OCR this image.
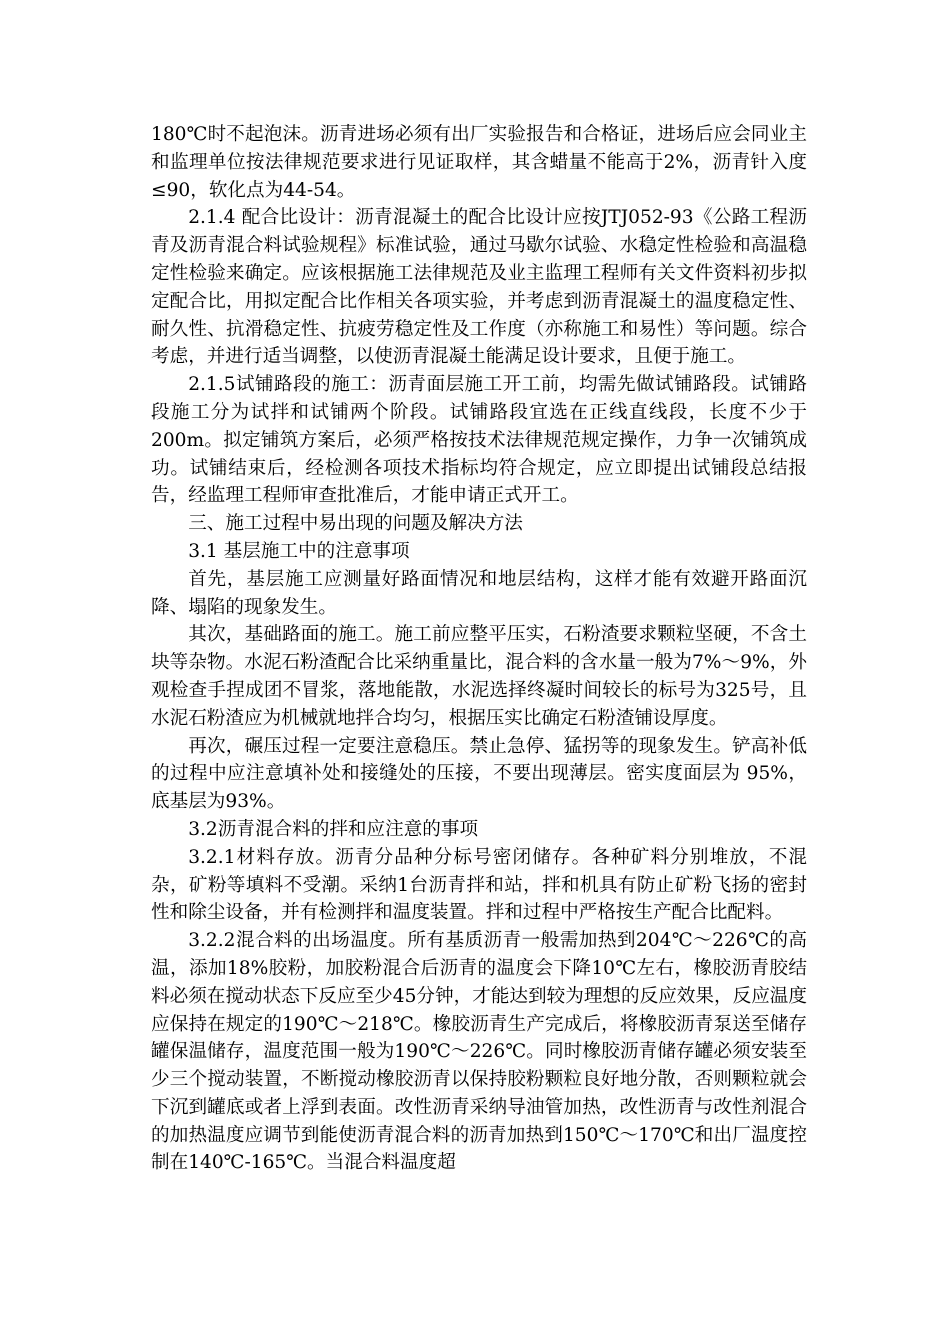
180℃时不起泡沫。沥青进场必须有出厂实验报告和合格证，进场后应会同业主和监理单位按法律规范要求进行见证取样，其含蜡量不能高于2%，沥青针入度≤90，软化点为44-54。

2.1.4 配合比设计：沥青混凝土的配合比设计应按JTJ052-93《公路工程沥青及沥青混合料试验规程》标准试验，通过马歇尔试验、水稳定性检验和高温稳定性检验来确定。应该根据施工法律规范及业主监理工程师有关文件资料初步拟定配合比，用拟定配合比作相关各项实验，并考虑到沥青混凝土的温度稳定性、耐久性、抗滑稳定性、抗疲劳稳定性及工作度（亦称施工和易性）等问题。综合考虑，并进行适当调整，以使沥青混凝土能满足设计要求，且便于施工。

2.1.5试铺路段的施工：沥青面层施工开工前，均需先做试铺路段。试铺路段施工分为试拌和试铺两个阶段。试铺路段宜选在正线直线段，长度不少于200m。拟定铺筑方案后，必须严格按技术法律规范规定操作，力争一次铺筑成功。试铺结束后，经检测各项技术指标均符合规定，应立即提出试铺段总结报告，经监理工程师审查批准后，才能申请正式开工。

三、施工过程中易出现的问题及解决方法

3.1 基层施工中的注意事项

首先，基层施工应测量好路面情况和地层结构，这样才能有效避开路面沉降、塌陷的现象发生。

其次，基础路面的施工。施工前应整平压实，石粉渣要求颗粒坚硬，不含土块等杂物。水泥石粉渣配合比采纳重量比，混合料的含水量一般为7%～9%，外观检查手捏成团不冒浆，落地能散，水泥选择终凝时间较长的标号为325号，且水泥石粉渣应为机械就地拌合均匀，根据压实比确定石粉渣铺设厚度。

再次，碾压过程一定要注意稳压。禁止急停、猛拐等的现象发生。铲高补低的过程中应注意填补处和接缝处的压接，不要出现薄层。密实度面层为 95%，底基层为93%。

3.2沥青混合料的拌和应注意的事项

3.2.1材料存放。沥青分品种分标号密闭储存。各种矿料分别堆放，不混杂，矿粉等填料不受潮。采纳1台沥青拌和站，拌和机具有防止矿粉飞扬的密封性和除尘设备，并有检测拌和温度装置。拌和过程中严格按生产配合比配料。

3.2.2混合料的出场温度。所有基质沥青一般需加热到204℃～226℃的高温，添加18%胶粉，加胶粉混合后沥青的温度会下降10℃左右，橡胶沥青胶结料必须在搅动状态下反应至少45分钟，才能达到较为理想的反应效果，反应温度应保持在规定的190℃～218℃。橡胶沥青生产完成后，将橡胶沥青泵送至储存罐保温储存，温度范围一般为190℃～226℃。同时橡胶沥青储存罐必须安装至少三个搅动装置，不断搅动橡胶沥青以保持胶粉颗粒良好地分散，否则颗粒就会下沉到罐底或者上浮到表面。改性沥青采纳导油管加热，改性沥青与改性剂混合的加热温度应调节到能使沥青混合料的沥青加热到150℃～170℃和出厂温度控制在140℃-165℃。当混合料温度超
